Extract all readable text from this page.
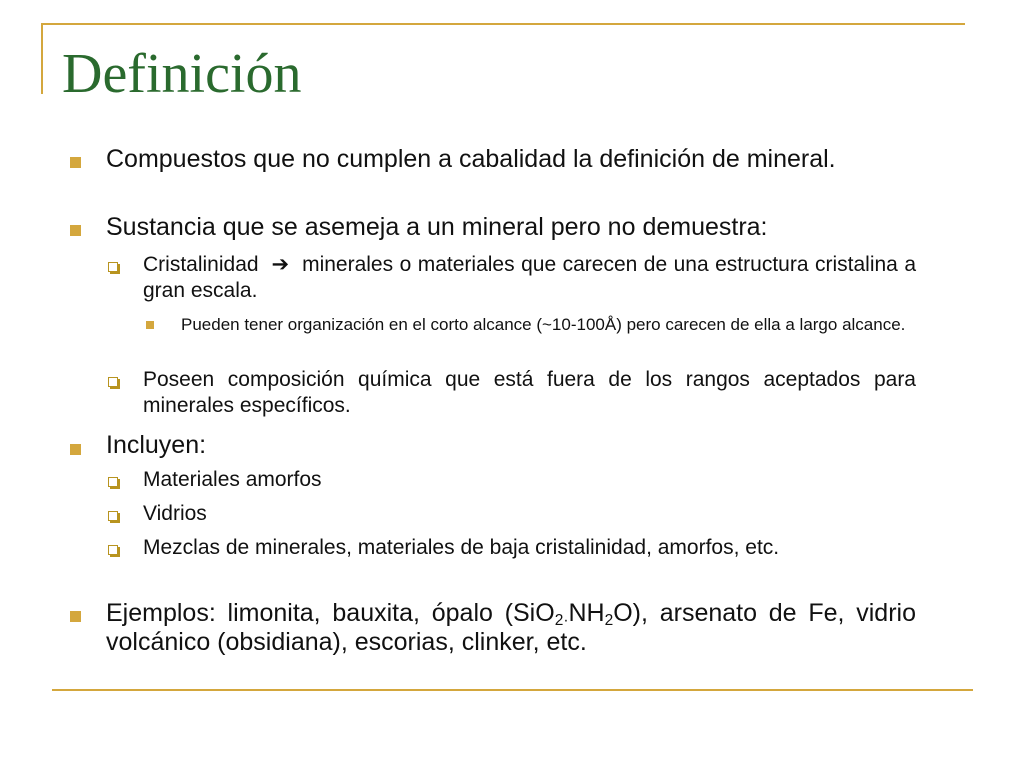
Definición
Compuestos que no cumplen a cabalidad la definición de mineral.
Sustancia que se asemeja a un mineral pero no demuestra:
Cristalinidad ➔ minerales o materiales que carecen de una estructura cristalina a gran escala.
Pueden tener organización en el corto alcance (~10-100Å) pero carecen de ella a largo alcance.
Poseen composición química que está fuera de los rangos aceptados para minerales específicos.
Incluyen:
Materiales amorfos
Vidrios
Mezclas de minerales, materiales de baja cristalinidad, amorfos, etc.
Ejemplos: limonita, bauxita, ópalo $(SiO_{2\cdot}NH_2O)$, arsenato de Fe, vidrio volcánico (obsidiana), escorias, clinker, etc.
